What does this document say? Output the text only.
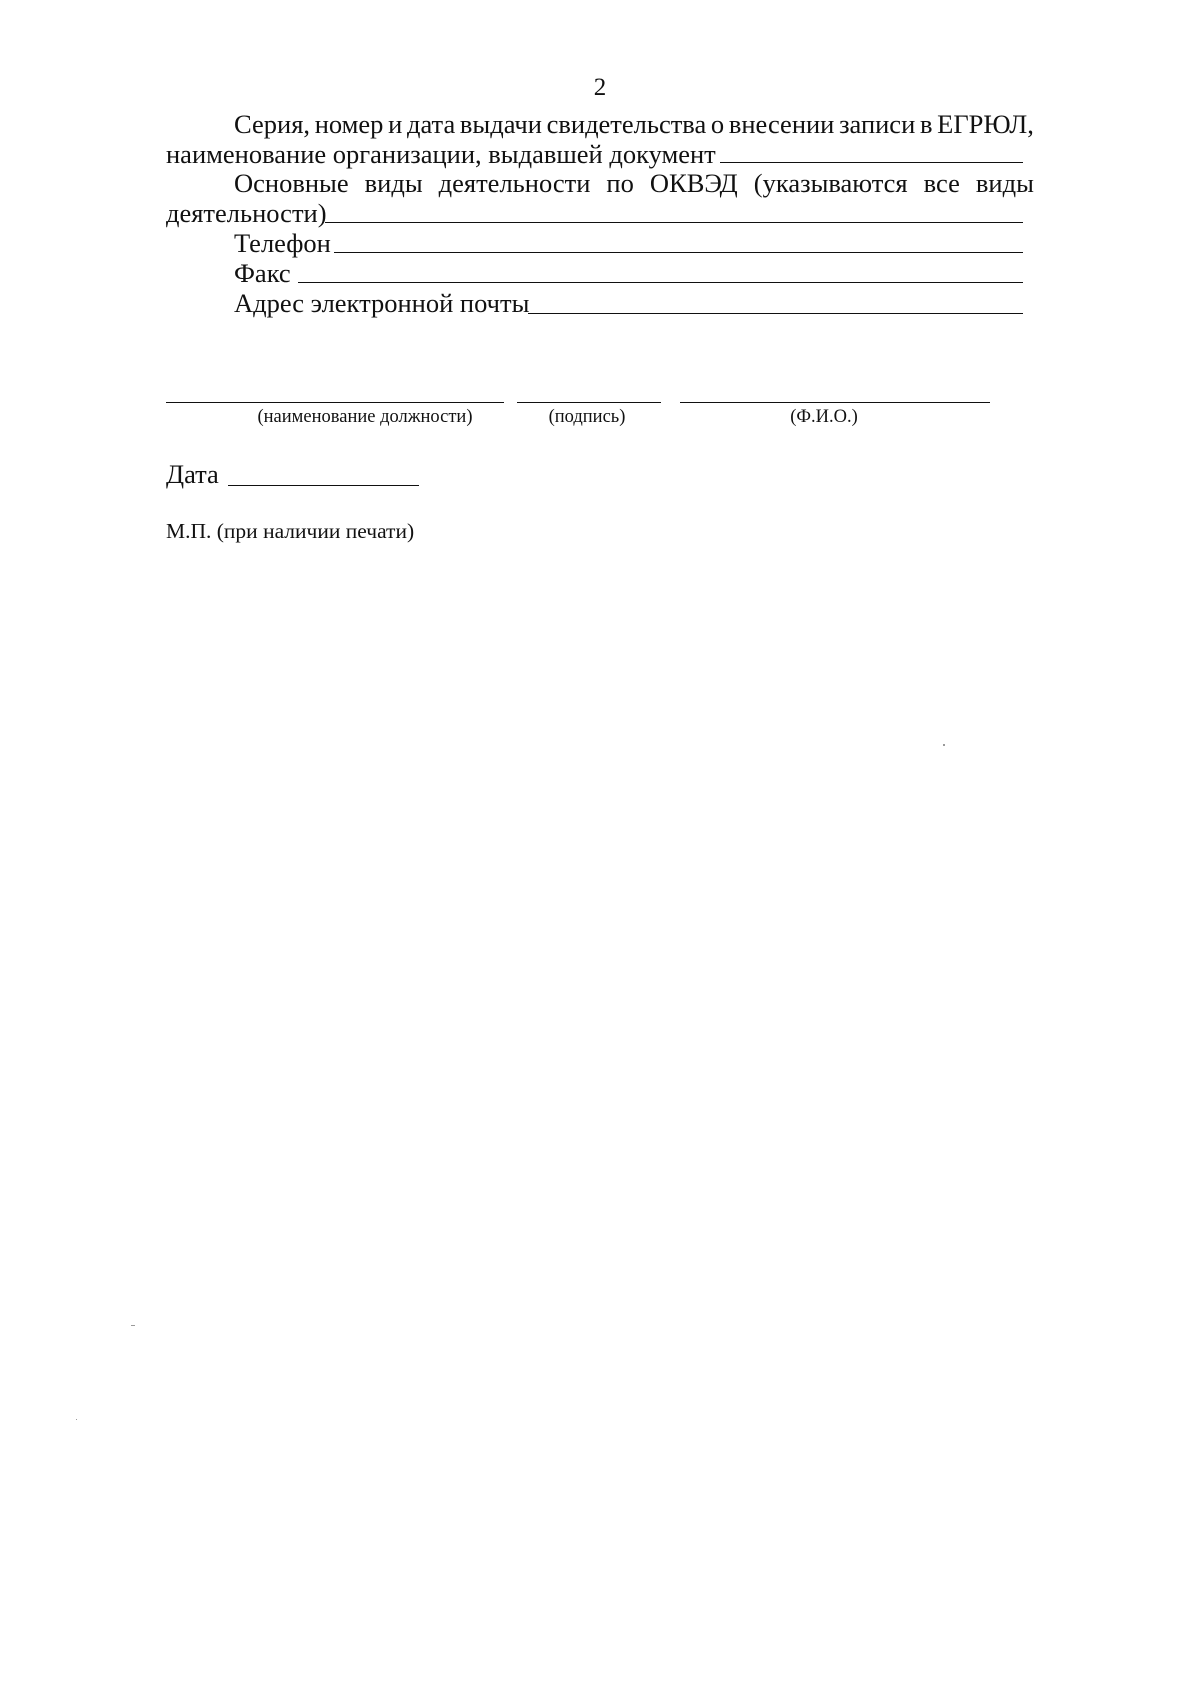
2
Серия, номер и дата выдачи свидетельства о внесении записи в ЕГРЮЛ,
наименование организации, выдавшей документ
Основные виды деятельности по ОКВЭД (указываются все виды
деятельности)
Телефон
Факс
Адрес электронной почты
(наименование должности)	(подпись)	(Ф.И.О.)
Дата
М.П. (при наличии печати)
